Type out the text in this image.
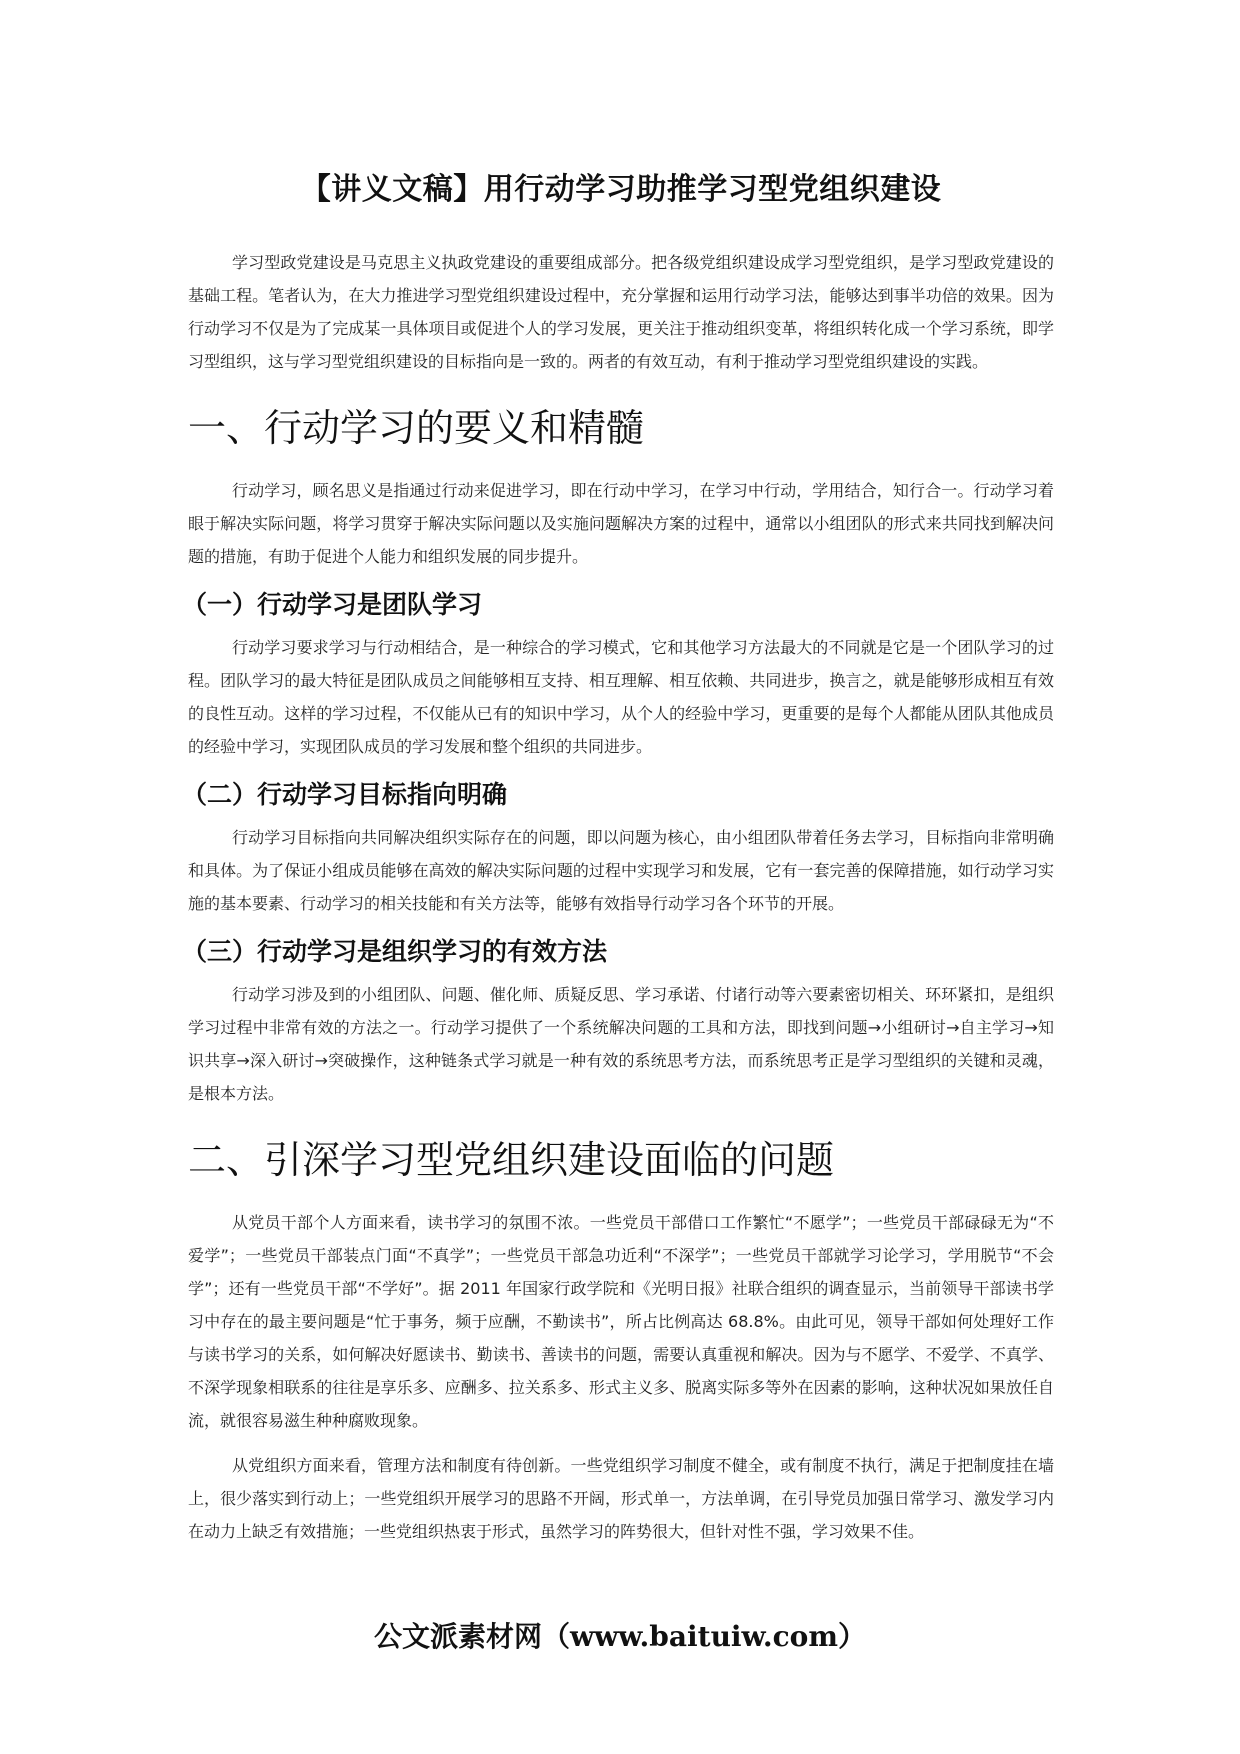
【讲义文稿】用行动学习助推学习型党组织建设

学习型政党建设是马克思主义执政党建设的重要组成部分。把各级党组织建设成学习型党组织，是学习型政党建设的基础工程。笔者认为，在大力推进学习型党组织建设过程中，充分掌握和运用行动学习法，能够达到事半功倍的效果。因为行动学习不仅是为了完成某一具体项目或促进个人的学习发展，更关注于推动组织变革，将组织转化成一个学习系统，即学习型组织，这与学习型党组织建设的目标指向是一致的。两者的有效互动，有利于推动学习型党组织建设的实践。

一、行动学习的要义和精髓

行动学习，顾名思义是指通过行动来促进学习，即在行动中学习，在学习中行动，学用结合，知行合一。行动学习着眼于解决实际问题，将学习贯穿于解决实际问题以及实施问题解决方案的过程中，通常以小组团队的形式来共同找到解决问题的措施，有助于促进个人能力和组织发展的同步提升。

（一）行动学习是团队学习

行动学习要求学习与行动相结合，是一种综合的学习模式，它和其他学习方法最大的不同就是它是一个团队学习的过程。团队学习的最大特征是团队成员之间能够相互支持、相互理解、相互依赖、共同进步，换言之，就是能够形成相互有效的良性互动。这样的学习过程，不仅能从已有的知识中学习，从个人的经验中学习，更重要的是每个人都能从团队其他成员的经验中学习，实现团队成员的学习发展和整个组织的共同进步。

（二）行动学习目标指向明确

行动学习目标指向共同解决组织实际存在的问题，即以问题为核心，由小组团队带着任务去学习，目标指向非常明确和具体。为了保证小组成员能够在高效的解决实际问题的过程中实现学习和发展，它有一套完善的保障措施，如行动学习实施的基本要素、行动学习的相关技能和有关方法等，能够有效指导行动学习各个环节的开展。

（三）行动学习是组织学习的有效方法

行动学习涉及到的小组团队、问题、催化师、质疑反思、学习承诺、付诸行动等六要素密切相关、环环紧扣，是组织学习过程中非常有效的方法之一。行动学习提供了一个系统解决问题的工具和方法，即找到问题→小组研讨→自主学习→知识共享→深入研讨→突破操作，这种链条式学习就是一种有效的系统思考方法，而系统思考正是学习型组织的关键和灵魂，是根本方法。

二、引深学习型党组织建设面临的问题

从党员干部个人方面来看，读书学习的氛围不浓。一些党员干部借口工作繁忙“不愿学”；一些党员干部碌碌无为“不爱学”；一些党员干部装点门面“不真学”；一些党员干部急功近利“不深学”；一些党员干部就学习论学习，学用脱节“不会学”；还有一些党员干部“不学好”。据 2011 年国家行政学院和《光明日报》社联合组织的调查显示，当前领导干部读书学习中存在的最主要问题是“忙于事务，频于应酬，不勤读书”，所占比例高达 68.8%。由此可见，领导干部如何处理好工作与读书学习的关系，如何解决好愿读书、勤读书、善读书的问题，需要认真重视和解决。因为与不愿学、不爱学、不真学、不深学现象相联系的往往是享乐多、应酬多、拉关系多、形式主义多、脱离实际多等外在因素的影响，这种状况如果放任自流，就很容易滋生种种腐败现象。

从党组织方面来看，管理方法和制度有待创新。一些党组织学习制度不健全，或有制度不执行，满足于把制度挂在墙上，很少落实到行动上；一些党组织开展学习的思路不开阔，形式单一，方法单调，在引导党员加强日常学习、激发学习内在动力上缺乏有效措施；一些党组织热衷于形式，虽然学习的阵势很大，但针对性不强，学习效果不佳。

公文派素材网（www.baituiw.com）
